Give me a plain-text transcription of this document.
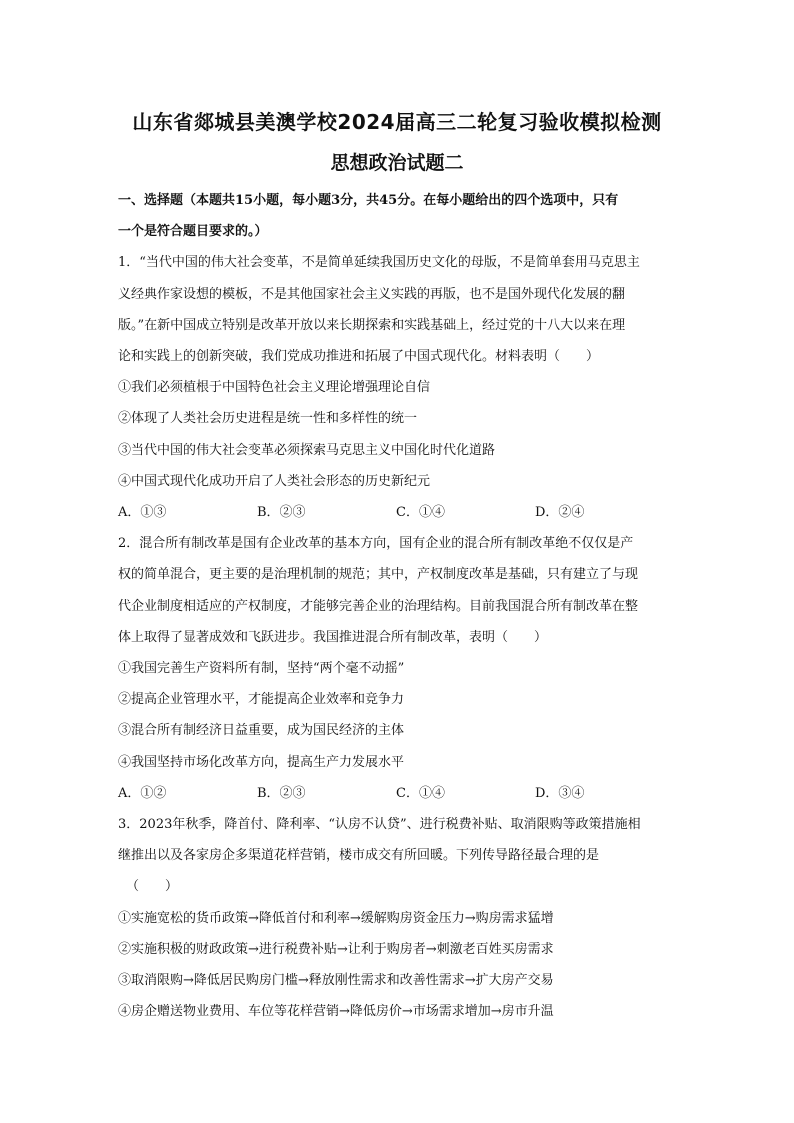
山东省郯城县美澳学校2024届高三二轮复习验收模拟检测
思想政治试题二

一、选择题（本题共15小题，每小题3分，共45分。在每小题给出的四个选项中，只有

一个是符合题目要求的。）

1．“当代中国的伟大社会变革，不是简单延续我国历史文化的母版，不是简单套用马克思主

义经典作家设想的模板，不是其他国家社会主义实践的再版，也不是国外现代化发展的翻

版。”在新中国成立特别是改革开放以来长期探索和实践基础上，经过党的十八大以来在理

论和实践上的创新突破，我们党成功推进和拓展了中国式现代化。材料表明（　　）

①我们必须植根于中国特色社会主义理论增强理论自信

②体现了人类社会历史进程是统一性和多样性的统一

③当代中国的伟大社会变革必须探索马克思主义中国化时代化道路

④中国式现代化成功开启了人类社会形态的历史新纪元

A．①③	B．②③	C．①④	D．②④

2．混合所有制改革是国有企业改革的基本方向，国有企业的混合所有制改革绝不仅仅是产

权的简单混合，更主要的是治理机制的规范；其中，产权制度改革是基础，只有建立了与现

代企业制度相适应的产权制度，才能够完善企业的治理结构。目前我国混合所有制改革在整

体上取得了显著成效和飞跃进步。我国推进混合所有制改革，表明（　　）

①我国完善生产资料所有制，坚持“两个毫不动摇”

②提高企业管理水平，才能提高企业效率和竞争力

③混合所有制经济日益重要，成为国民经济的主体

④我国坚持市场化改革方向，提高生产力发展水平

A．①②	B．②③	C．①④	D．③④

3．2023年秋季，降首付、降利率、“认房不认贷”、进行税费补贴、取消限购等政策措施相

继推出以及各家房企多渠道花样营销，楼市成交有所回暖。下列传导路径最合理的是

（　　）

①实施宽松的货币政策→降低首付和利率→缓解购房资金压力→购房需求猛增

②实施积极的财政政策→进行税费补贴→让利于购房者→刺激老百姓买房需求

③取消限购→降低居民购房门槛→释放刚性需求和改善性需求→扩大房产交易

④房企赠送物业费用、车位等花样营销→降低房价→市场需求增加→房市升温
